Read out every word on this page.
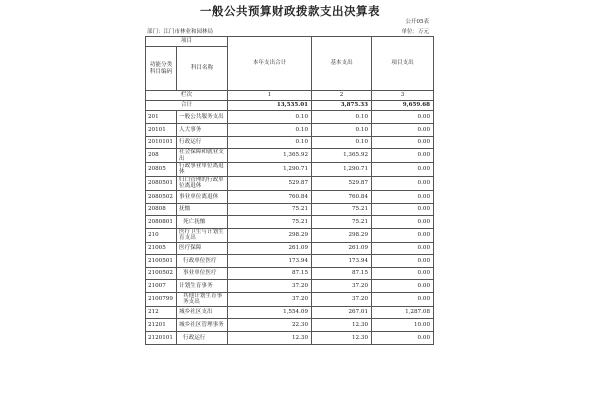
一般公共预算财政拨款支出决算表
公开05表
部门：江门市林业和园林局	单位：万元
项目		本年支出合计	基本支出	项目支出
功能分类科目编码	科目名称			
栏次		1	2	3
合计		13,535.01	3,875.33	9,659.68
201	一般公共服务支出	0.10	0.10	0.00
20101	人大事务	0.10	0.10	0.00
2010101	行政运行	0.10	0.10	0.00
208	社会保障和就业支出	1,365.92	1,365.92	0.00
20805	行政事业单位离退休	1,290.71	1,290.71	0.00
2080501	归口管理的行政单位离退休	529.87	529.87	0.00
2080502	事业单位离退休	760.84	760.84	0.00
20808	抚恤	75.21	75.21	0.00
2080801	死亡抚恤	75.21	75.21	0.00
210	医疗卫生与计划生育支出	298.29	298.29	0.00
21005	医疗保障	261.09	261.09	0.00
2100501	行政单位医疗	173.94	173.94	0.00
2100502	事业单位医疗	87.15	87.15	0.00
21007	计划生育事务	37.20	37.20	0.00
2100799	其他计划生育事务支出	37.20	37.20	0.00
212	城乡社区支出	1,554.09	267.01	1,287.08
21201	城乡社区管理事务	22.30	12.30	10.00
2120101	行政运行	12.30	12.30	0.00
